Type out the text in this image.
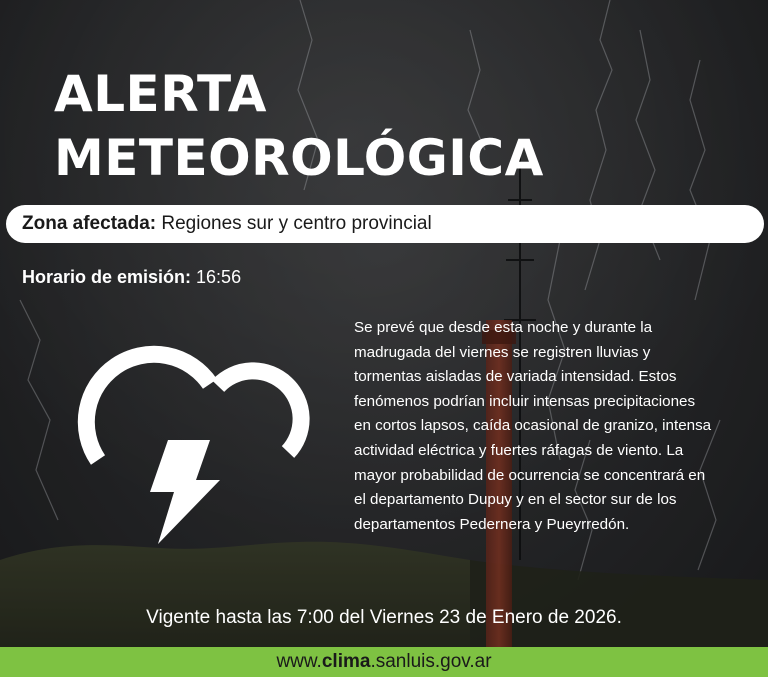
ALERTA
METEOROLÓGICA
Zona afectada: Regiones sur y centro provincial
Horario de emisión: 16:56

Se prevé que desde esta noche y durante la madrugada del viernes se registren lluvias y tormentas aisladas de variada intensidad. Estos fenómenos podrían incluir intensas precipitaciones en cortos lapsos, caída ocasional de granizo, intensa actividad eléctrica y fuertes ráfagas de viento. La mayor probabilidad de ocurrencia se concentrará en el departamento Dupuy y en el sector sur de los departamentos Pedernera y Pueyrredón.

Vigente hasta las 7:00 del Viernes 23 de Enero de 2026.
www.clima.sanluis.gov.ar
